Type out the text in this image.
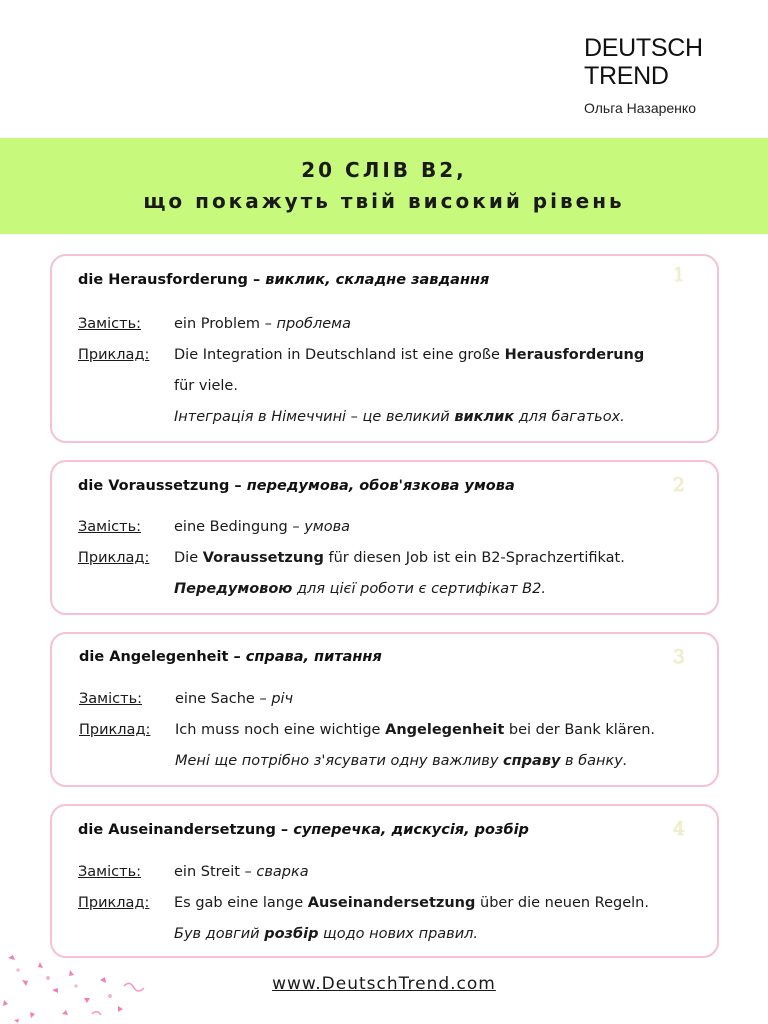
DEUTSCH
TREND
Ольга Назаренко
20 СЛІВ В2,
що покажуть твій високий рівень
die Herausforderung – виклик, складне завдання	1
Замість: ein Problem – проблема
Приклад: Die Integration in Deutschland ist eine große Herausforderung
für viele.
Інтеграція в Німеччині – це великий виклик для багатьох.
die Voraussetzung – передумова, обов'язкова умова	2
Замість: eine Bedingung – умова
Приклад: Die Voraussetzung für diesen Job ist ein B2-Sprachzertifikat.
Передумовою для цієї роботи є сертифікат B2.
die Angelegenheit – справа, питання	3
Замість: eine Sache – річ
Приклад: Ich muss noch eine wichtige Angelegenheit bei der Bank klären.
Мені ще потрібно з'ясувати одну важливу справу в банку.
die Auseinandersetzung – суперечка, дискусія, розбір	4
Замість: ein Streit – сварка
Приклад: Es gab eine lange Auseinandersetzung über die neuen Regeln.
Був довгий розбір щодо нових правил.
www.DeutschTrend.com
